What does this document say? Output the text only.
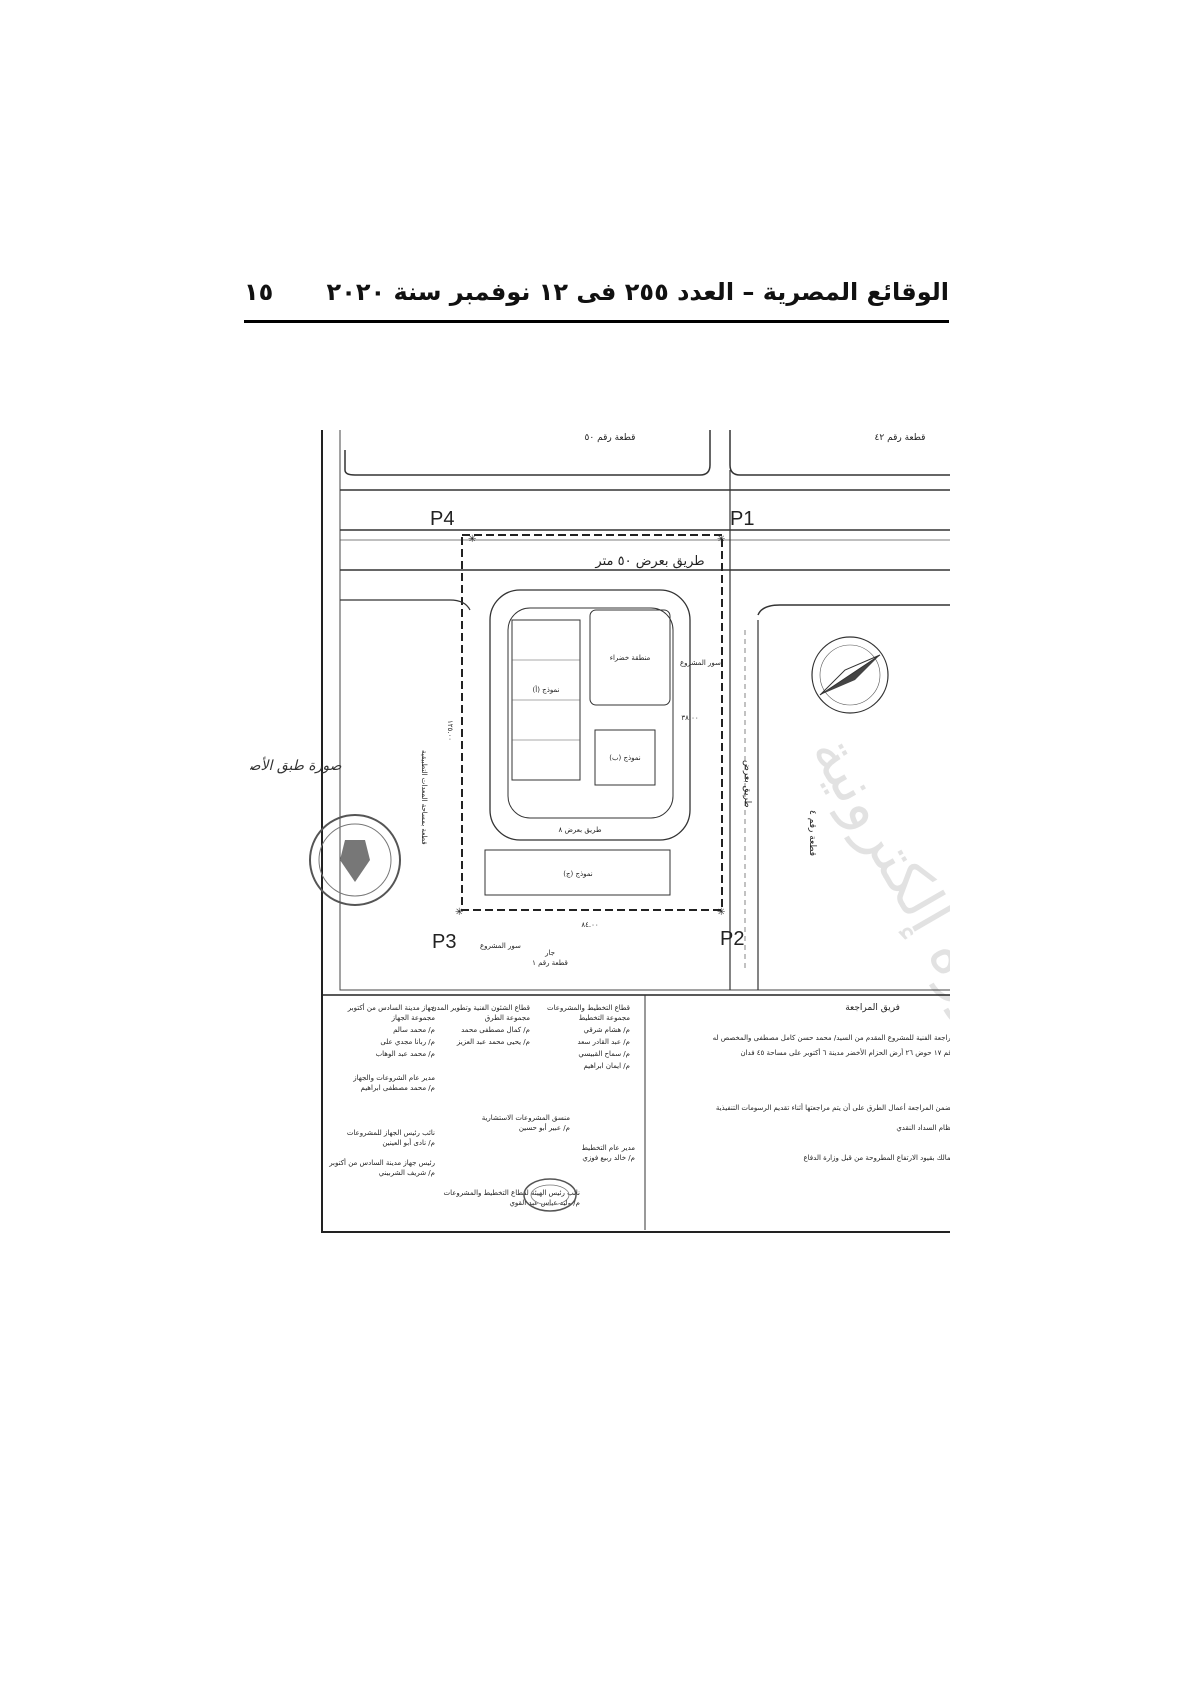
الوقائع المصرية – العدد ٢٥٥ فى ١٢ نوفمبر سنة ٢٠٢٠
١٥
صورة إلكترونية
قطعة رقم ٥٠	قطعة رقم ٤٢
طريق بعرض ٥٠ متر
P4	P1
✳	✳
✳	✳
طريق بعرض
قطعة رقم ٤
طريق بعرض ٨
منطقة خضراء
نموذج (أ)
نموذج (ب)
نموذج (ج)
٨٤.٠٠
٣٨.٠٠
١٢٥.٠٠
قطعة بمساحة المعدات التطبيقية
سور المشروع
سور المشروع
P3	P2
جار
قطعة رقم ١
صورة طبق الأ
فريق المراجعة
قطاع التخطيط والمشروعات
مجموعة التخطيط
م/ هشام شرقي
م/ عبد القادر سعد
م/ سماح القبيسي
م/ ايمان ابراهيم
قطاع الشئون الفنية وتطوير المدن
مجموعة الطرق
م/ كمال مصطفى محمد
م/ يحيى محمد عبد العزيز
جهاز مدينة السادس من أكتوبر
مجموعة الجهاز
م/ محمد سالم
م/ ربانا مجدي على
م/ محمد عبد الوهاب
مدير عام الشروعات والجهاز
م/ محمد مصطفى ابراهيم
منسق المشروعات الاستشارية
م/ عبير أبو حسين
مدير عام التخطيط
م/ خالد ربيع فوزي
نائب رئيس الجهاز للمشروعات
م/ نادى أبو العينين
رئيس جهاز مدينة السادس من أكتوبر
م/ شريف الشربيني
نائب رئيس الهيئة لقطاع التخطيط والمشروعات
م/ وليد عباس عبد القوي
مراجعة الفنية للمشروع المقدم من السيد/ محمد حسن كامل مصطفى والمخصص له
م ١٧ حوض ٢٦ أرض الحزام الأخضر مدينة ٦ أكتوبر على مساحة ٤٥ فدان
تتضمن المراجعة أعمال الطرق على أن يتم مراجعتها أثناء تقديم الرسومات التنفيذية
بنظام السداد النقدي
المالك بقيود الارتفاع المطروحة من قبل وزارة الدفاع
